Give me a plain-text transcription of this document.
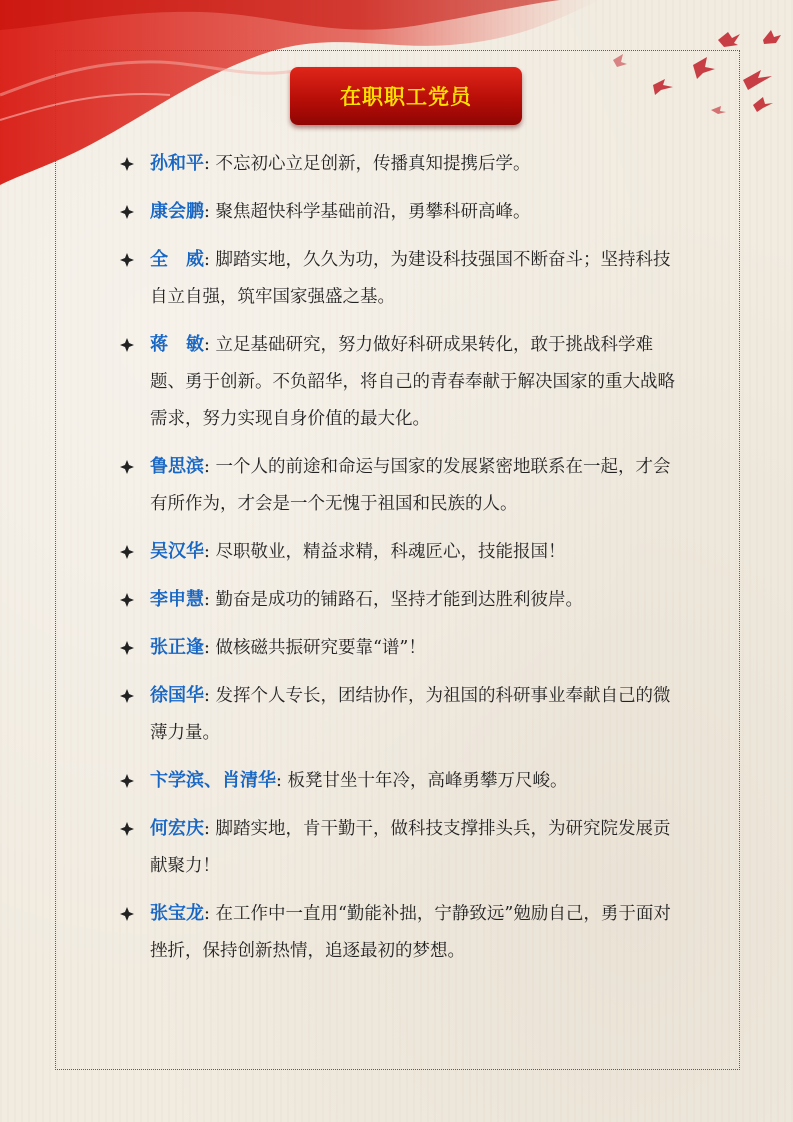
在职职工党员
孙和平: 不忘初心立足创新，传播真知提携后学。
康会鹏: 聚焦超快科学基础前沿，勇攀科研高峰。
全　威: 脚踏实地，久久为功，为建设科技强国不断奋斗；坚持科技自立自强，筑牢国家强盛之基。
蒋　敏: 立足基础研究，努力做好科研成果转化，敢于挑战科学难题、勇于创新。不负韶华，将自己的青春奉献于解决国家的重大战略需求，努力实现自身价值的最大化。
鲁思滨: 一个人的前途和命运与国家的发展紧密地联系在一起，才会有所作为，才会是一个无愧于祖国和民族的人。
吴汉华: 尽职敬业，精益求精，科魂匠心，技能报国！
李申慧: 勤奋是成功的铺路石，坚持才能到达胜利彼岸。
张正逢: 做核磁共振研究要靠“谱”！
徐国华: 发挥个人专长，团结协作，为祖国的科研事业奉献自己的微薄力量。
卞学滨、肖清华: 板凳甘坐十年冷，高峰勇攀万尺峻。
何宏庆: 脚踏实地，肯干勤干，做科技支撑排头兵，为研究院发展贡献聚力！
张宝龙: 在工作中一直用“勤能补拙，宁静致远”勉励自己，勇于面对挫折，保持创新热情，追逐最初的梦想。
